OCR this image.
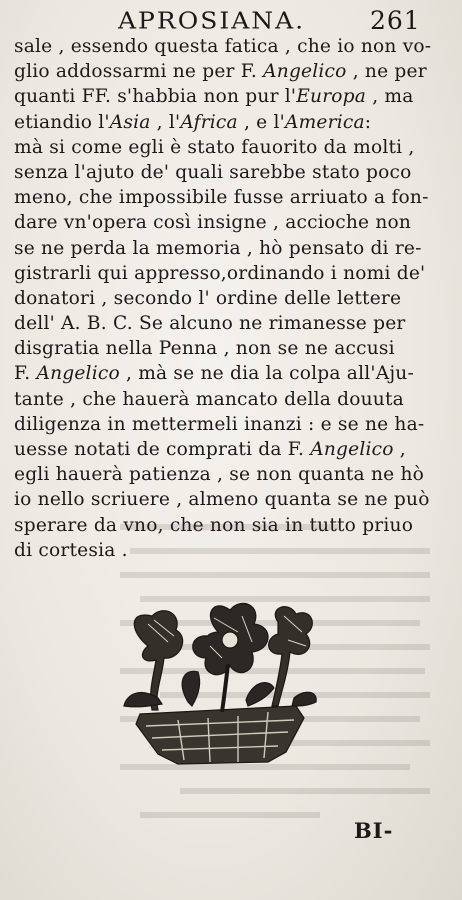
APROSIANA.	261
sale , essendo questa fatica , che io non vo-
glio addossarmi ne per F. Angelico , ne per
quanti FF. s'habbia non pur l'Europa , ma
etiandio l'Asia , l'Africa , e l'America:
mà si come egli è stato fauorito da molti ,
senza l'ajuto de' quali sarebbe stato poco
meno, che impossibile fusse arriuato a fon-
dare vn'opera così insigne , accioche non
se ne perda la memoria , hò pensato di re-
gistrarli qui appresso,ordinando i nomi de'
donatori , secondo l' ordine delle lettere
dell' A. B. C. Se alcuno ne rimanesse per
disgratia nella Penna , non se ne accusi
F. Angelico , mà se ne dia la colpa all'Aju-
tante , che hauerà mancato della douuta
diligenza in mettermeli inanzi : e se ne ha-
uesse notati de comprati da F. Angelico ,
egli hauerà patienza , se non quanta ne hò
io nello scriuere , almeno quanta se ne può
sperare da vno, che non sia in tutto priuo
di cortesia .
BI-
